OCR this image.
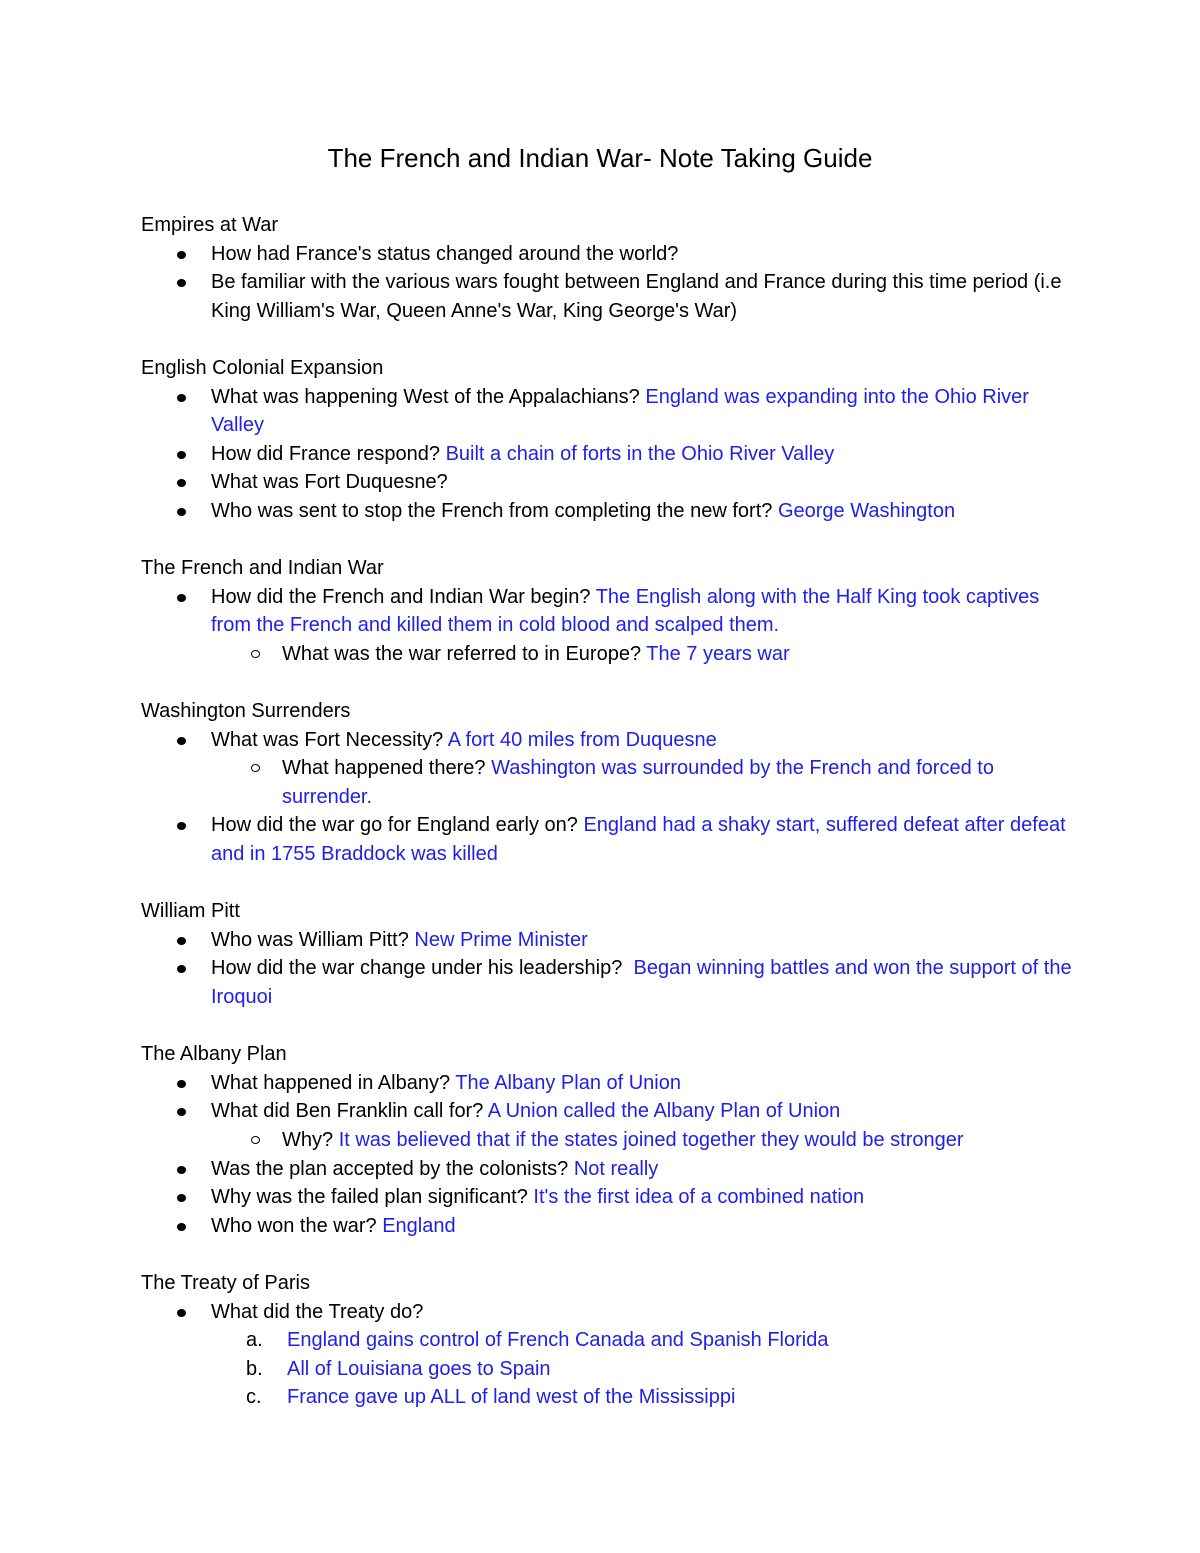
The French and Indian War- Note Taking Guide
Empires at War
How had France's status changed around the world?
Be familiar with the various wars fought between England and France during this time period (i.e King William's War, Queen Anne's War, King George's War)
English Colonial Expansion
What was happening West of the Appalachians? England was expanding into the Ohio River Valley
How did France respond? Built a chain of forts in the Ohio River Valley
What was Fort Duquesne?
Who was sent to stop the French from completing the new fort? George Washington
The French and Indian War
How did the French and Indian War begin? The English along with the Half King took captives from the French and killed them in cold blood and scalped them.
What was the war referred to in Europe? The 7 years war
Washington Surrenders
What was Fort Necessity? A fort 40 miles from Duquesne
What happened there? Washington was surrounded by the French and forced to surrender.
How did the war go for England early on? England had a shaky start, suffered defeat after defeat and in 1755 Braddock was killed
William Pitt
Who was William Pitt? New Prime Minister
How did the war change under his leadership? Began winning battles and won the support of the Iroquoi
The Albany Plan
What happened in Albany? The Albany Plan of Union
What did Ben Franklin call for? A Union called the Albany Plan of Union
Why? It was believed that if the states joined together they would be stronger
Was the plan accepted by the colonists? Not really
Why was the failed plan significant? It's the first idea of a combined nation
Who won the war? England
The Treaty of Paris
What did the Treaty do?
a. England gains control of French Canada and Spanish Florida
b. All of Louisiana goes to Spain
c. France gave up ALL of land west of the Mississippi
